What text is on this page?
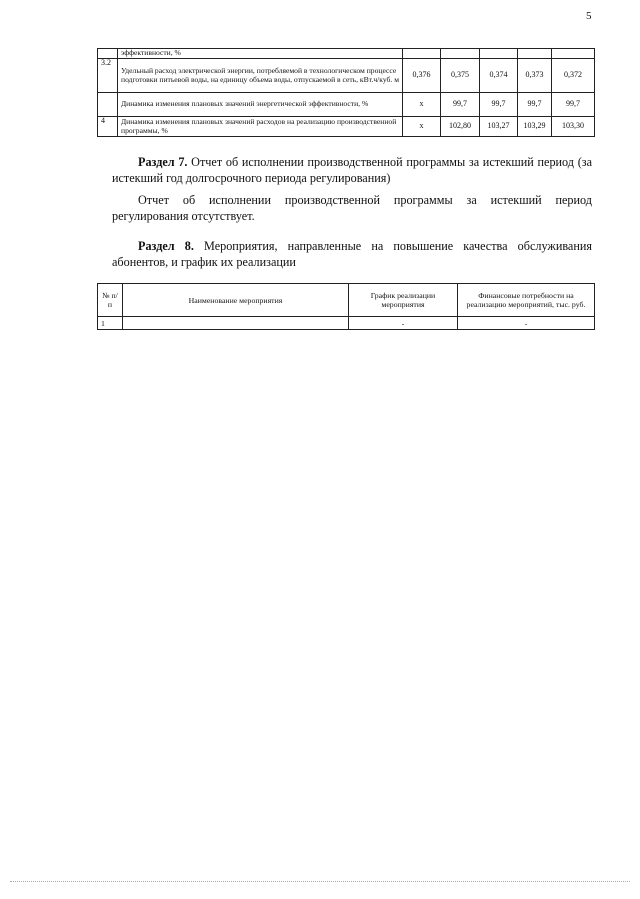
5
	эффективности, %					
3.2	Удельный расход электрической энергии, потребляемой в технологическом процессе подготовки питьевой воды, на единицу объема воды, отпускаемой в сеть, кВт.ч/куб. м	0,376	0,375	0,374	0,373	0,372
	Динамика изменения плановых значений энергетической эффективности, %	х	99,7	99,7	99,7	99,7
4	Динамика изменения плановых значений расходов на реализацию производственной программы, %	х	102,80	103,27	103,29	103,30
Раздел 7. Отчет об исполнении производственной программы за истекший период (за истекший год долгосрочного периода регулирования)
Отчет об исполнении производственной программы за истекший период регулирования отсутствует.
Раздел 8. Мероприятия, направленные на повышение качества обслуживания абонентов, и график их реализации
№ п/п	Наименование мероприятия	График реализации мероприятия	Финансовые потребности на реализацию мероприятий, тыс. руб.
1		-	-
